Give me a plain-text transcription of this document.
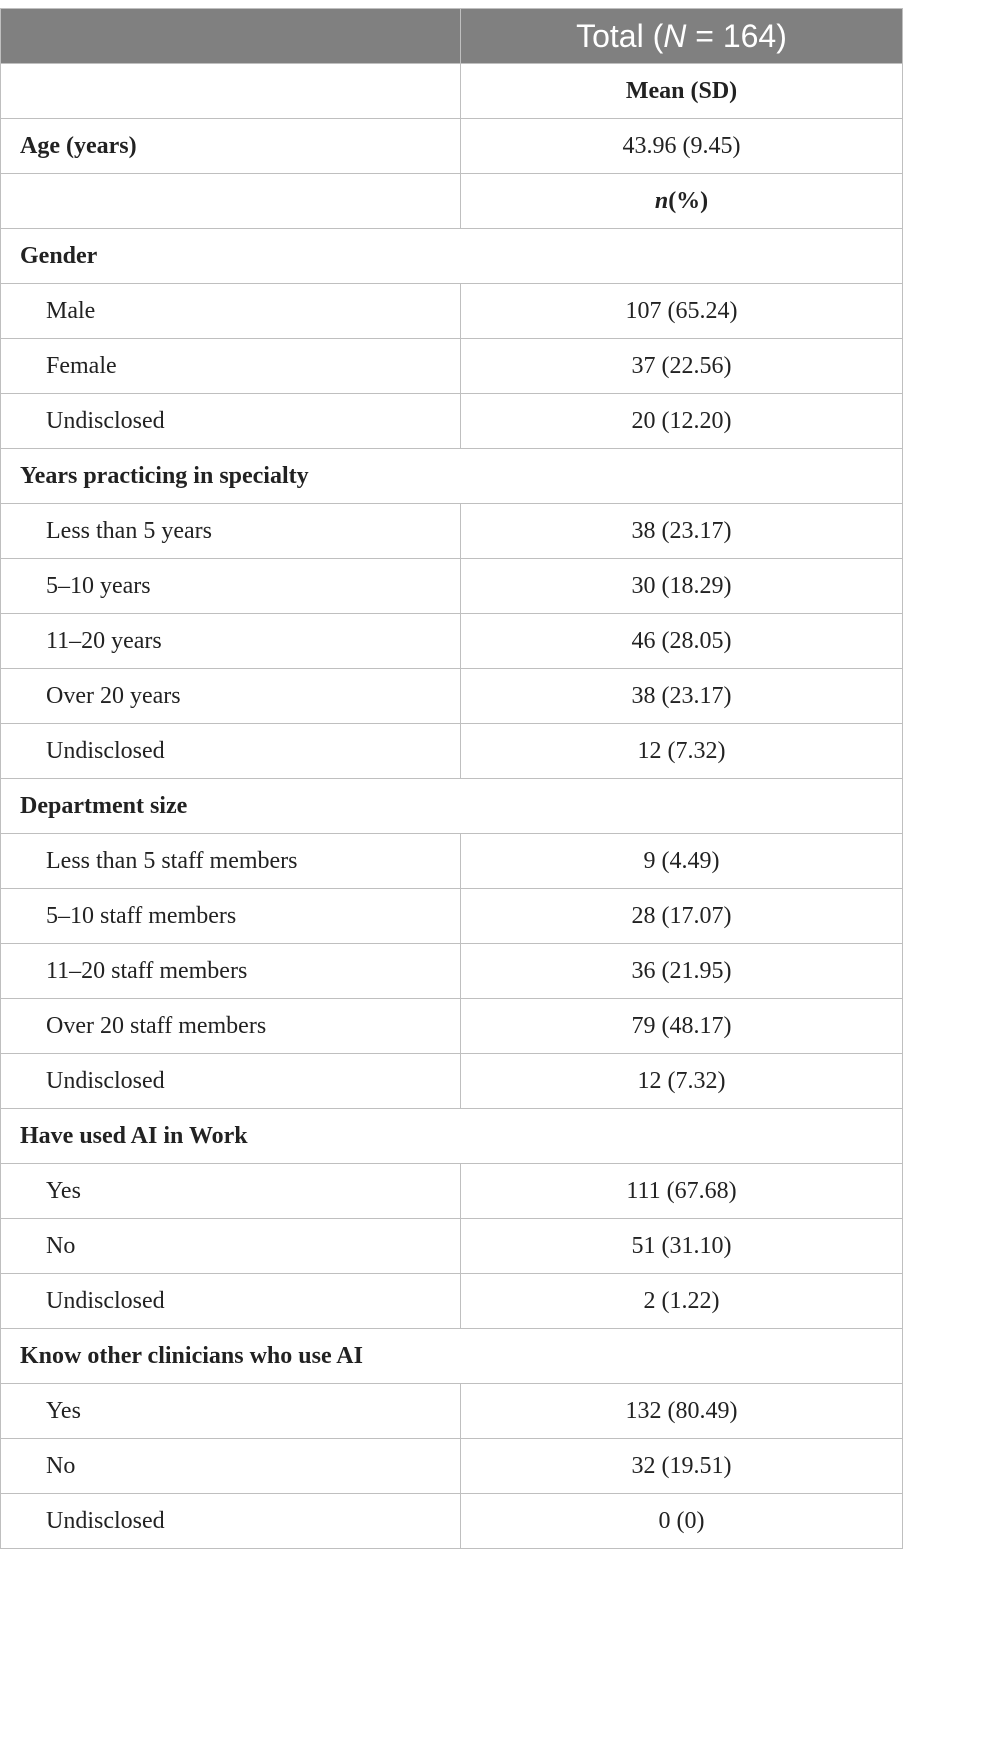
	Total (N = 164)
	Mean (SD)
Age (years)	43.96 (9.45)
	n(%)
Gender	
Male	107 (65.24)
Female	37 (22.56)
Undisclosed	20 (12.20)
Years practicing in specialty	
Less than 5 years	38 (23.17)
5–10 years	30 (18.29)
11–20 years	46 (28.05)
Over 20 years	38 (23.17)
Undisclosed	12 (7.32)
Department size	
Less than 5 staff members	9 (4.49)
5–10 staff members	28 (17.07)
11–20 staff members	36 (21.95)
Over 20 staff members	79 (48.17)
Undisclosed	12 (7.32)
Have used AI in Work	
Yes	111 (67.68)
No	51 (31.10)
Undisclosed	2 (1.22)
Know other clinicians who use AI	
Yes	132 (80.49)
No	32 (19.51)
Undisclosed	0 (0)
